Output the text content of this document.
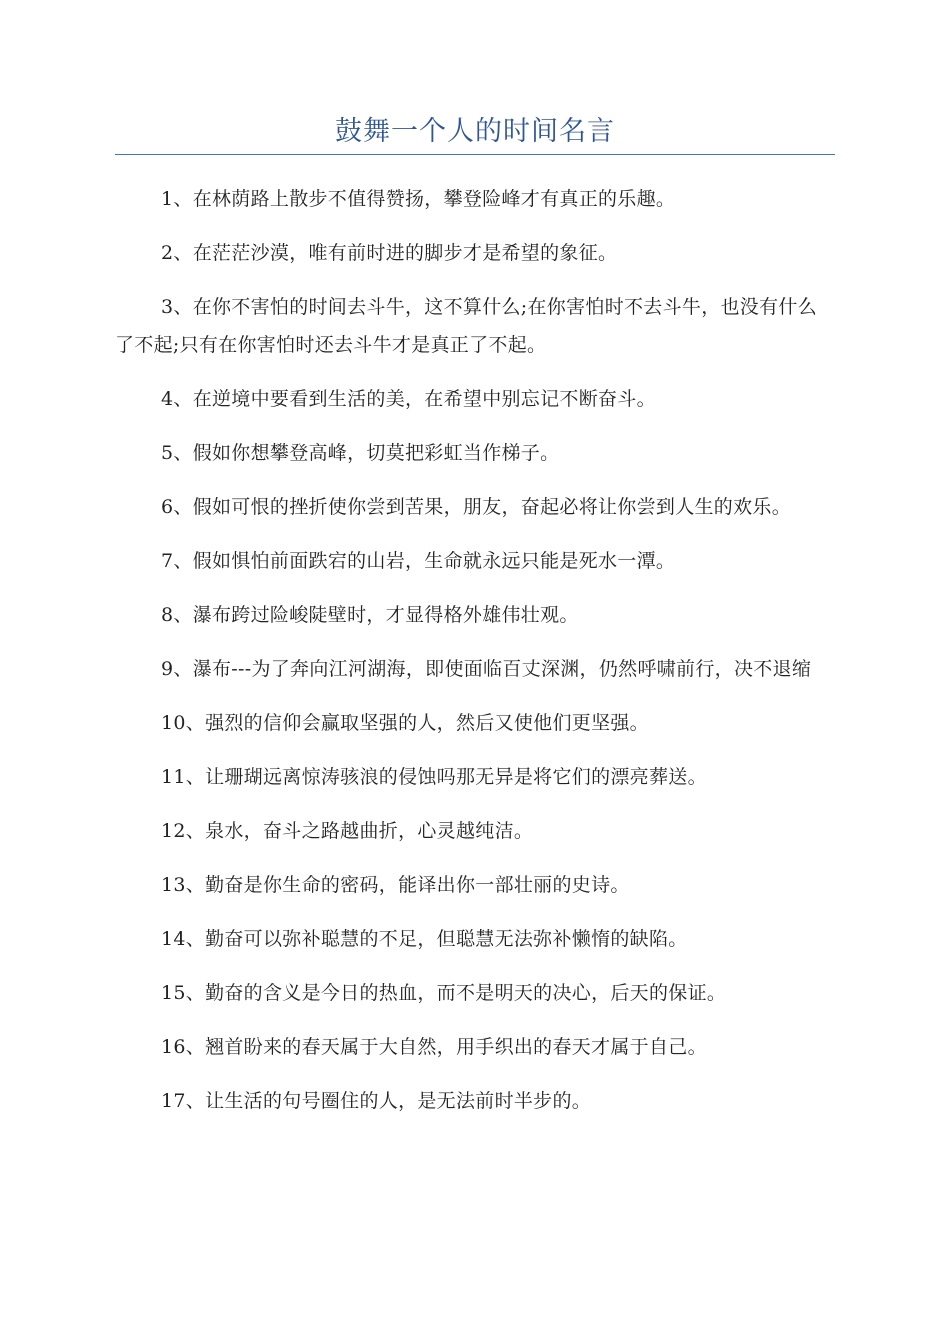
鼓舞一个人的时间名言

1、在林荫路上散步不值得赞扬，攀登险峰才有真正的乐趣。

2、在茫茫沙漠，唯有前时进的脚步才是希望的象征。

3、在你不害怕的时间去斗牛，这不算什么;在你害怕时不去斗牛，也没有什么了不起;只有在你害怕时还去斗牛才是真正了不起。

4、在逆境中要看到生活的美，在希望中别忘记不断奋斗。

5、假如你想攀登高峰，切莫把彩虹当作梯子。

6、假如可恨的挫折使你尝到苦果，朋友，奋起必将让你尝到人生的欢乐。

7、假如惧怕前面跌宕的山岩，生命就永远只能是死水一潭。

8、瀑布跨过险峻陡壁时，才显得格外雄伟壮观。

9、瀑布---为了奔向江河湖海，即使面临百丈深渊，仍然呼啸前行，决不退缩

10、强烈的信仰会赢取坚强的人，然后又使他们更坚强。

11、让珊瑚远离惊涛骇浪的侵蚀吗那无异是将它们的漂亮葬送。

12、泉水，奋斗之路越曲折，心灵越纯洁。

13、勤奋是你生命的密码，能译出你一部壮丽的史诗。

14、勤奋可以弥补聪慧的不足，但聪慧无法弥补懒惰的缺陷。

15、勤奋的含义是今日的热血，而不是明天的决心，后天的保证。

16、翘首盼来的春天属于大自然，用手织出的春天才属于自己。

17、让生活的句号圈住的人，是无法前时半步的。
